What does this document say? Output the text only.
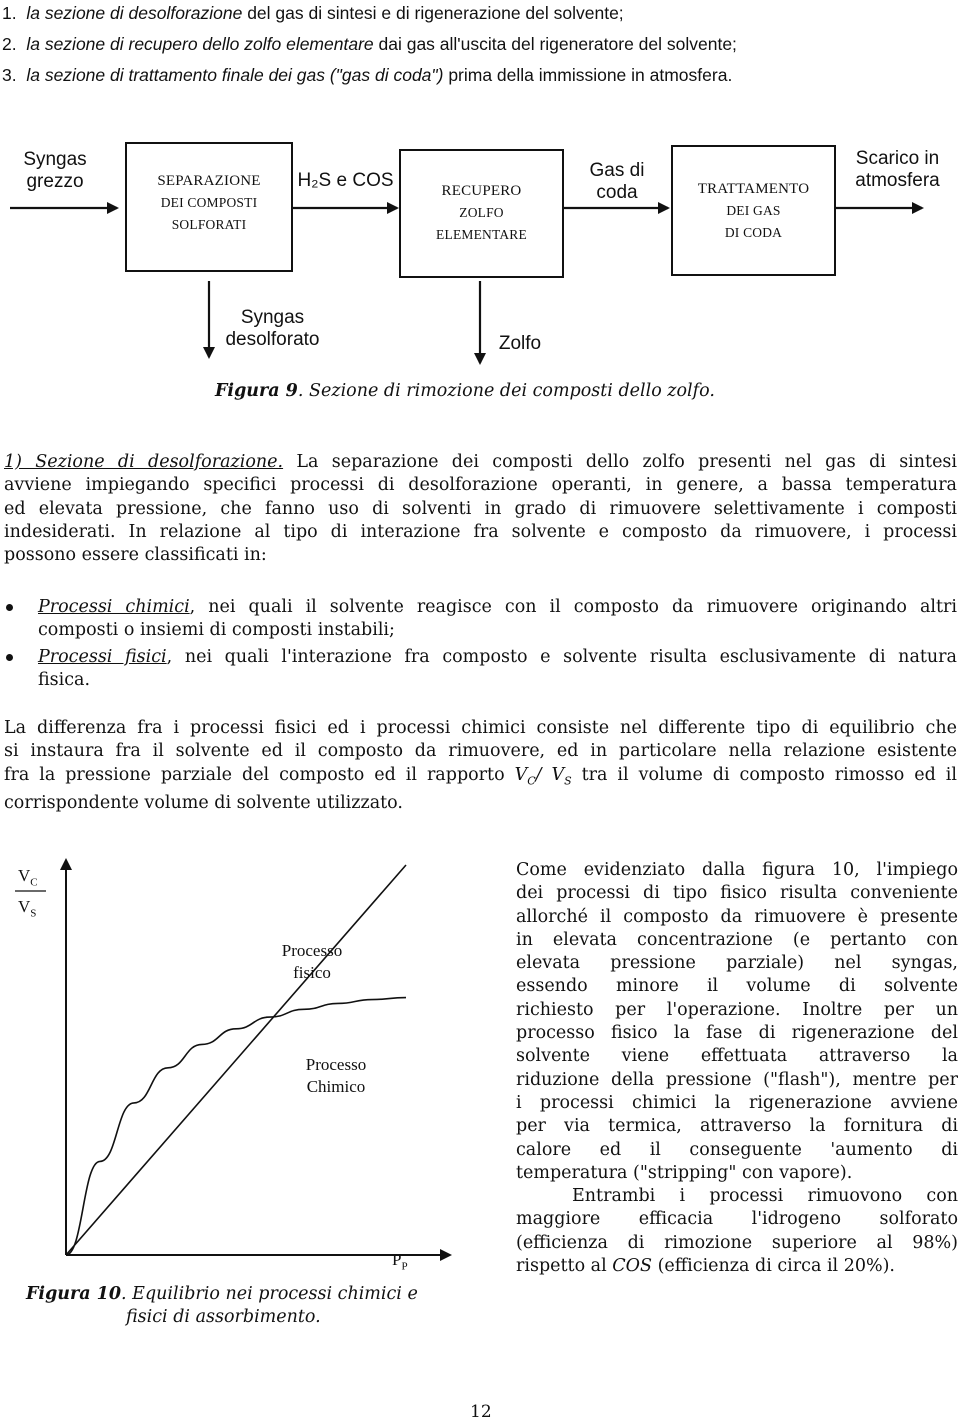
1. la sezione di desolforazione del gas di sintesi e di rigenerazione del solvente;
2. la sezione di recupero dello zolfo elementare dai gas all'uscita del rigeneratore del solvente;
3. la sezione di trattamento finale dei gas ("gas di coda") prima della immissione in atmosfera.
Syngas
grezzo	SEPARAZIONE
DEI COMPOSTI
SOLFORATI
H₂S e COS	RECUPERO
ZOLFO
ELEMENTARE
Gas di
coda	TRATTAMENTO
DEI GAS
DI CODA
Scarico in
atmosfera
Syngas
desolforato	Zolfo
Figura 9. Sezione di rimozione dei composti dello zolfo.
1) Sezione di desolforazione. La separazione dei composti dello zolfo presenti nel gas di sintesi
avviene impiegando specifici processi di desolforazione operanti, in genere, a bassa temperatura
ed elevata pressione, che fanno uso di solventi in grado di rimuovere selettivamente i composti
indesiderati. In relazione al tipo di interazione fra solvente e composto da rimuovere, i processi
possono essere classificati in:
Processi chimici, nei quali il solvente reagisce con il composto da rimuovere originando altri
composti o insiemi di composti instabili;
Processi fisici, nei quali l'interazione fra composto e solvente risulta esclusivamente di natura
fisica.
La differenza fra i processi fisici ed i processi chimici consiste nel differente tipo di equilibrio che
si instaura fra il solvente ed il composto da rimuovere, ed in particolare nella relazione esistente
fra la pressione parziale del composto ed il rapporto $V_C/$ $V_S$ tra il volume di composto rimosso ed il
corrispondente volume di solvente utilizzato.
$V_C$
$V_S$
$P_P$
Processo
fisico
Processo
Chimico
Figura 10. Equilibrio nei processi chimici e
fisici di assorbimento.
Come evidenziato dalla figura 10, l'impiego
dei processi di tipo fisico risulta conveniente
allorché il composto da rimuovere è presente
in elevata concentrazione (e pertanto con
elevata pressione parziale) nel syngas,
essendo minore il volume di solvente
richiesto per l'operazione. Inoltre per un
processo fisico la fase di rigenerazione del
solvente viene effettuata attraverso la
riduzione della pressione ("flash"), mentre per
i processi chimici la rigenerazione avviene
per via termica, attraverso la fornitura di
calore ed il conseguente 'aumento di
temperatura ("stripping" con vapore).
Entrambi i processi rimuovono con
maggiore efficacia l'idrogeno solforato
(efficienza di rimozione superiore al 98%)
rispetto al COS (efficienza di circa il 20%).
12
